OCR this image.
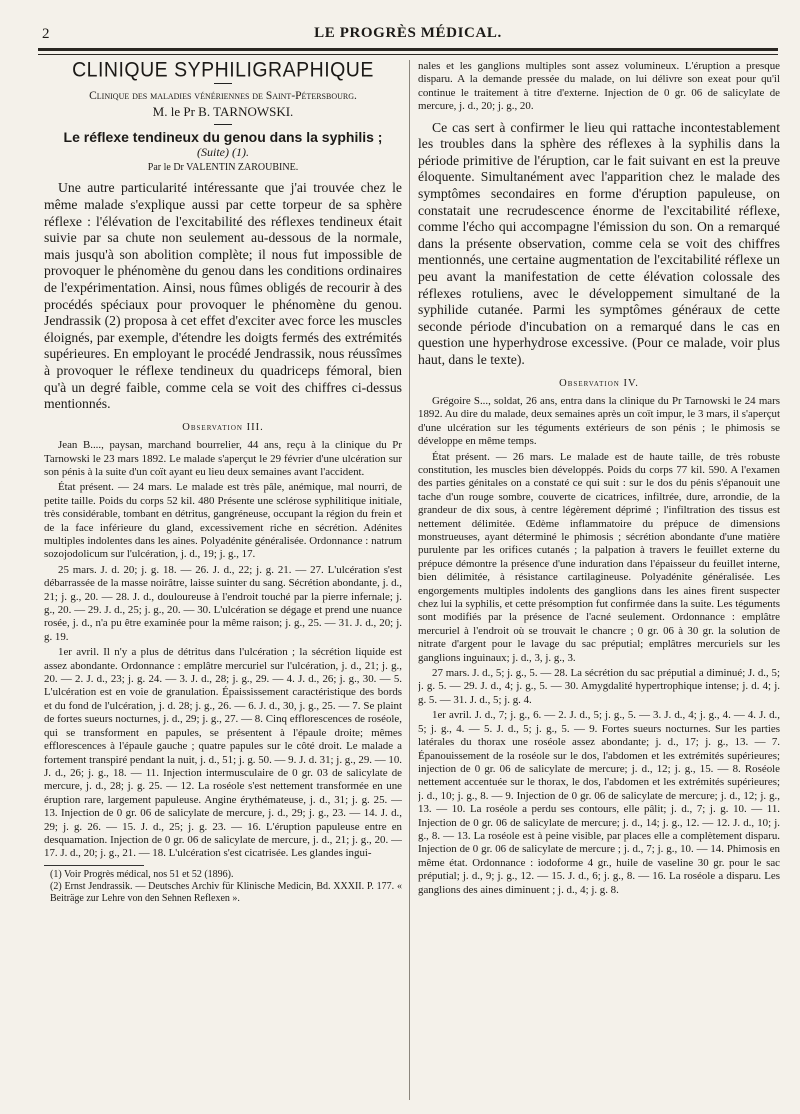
2	LE PROGRÈS MÉDICAL.
CLINIQUE SYPHILIGRAPHIQUE
Clinique des maladies vénériennes de Saint-Pétersbourg.
M. le Pr B. TARNOWSKI.
Le réflexe tendineux du genou dans la syphilis ;
(Suite) (1).
Par le Dr VALENTIN ZAROUBINE.

Une autre particularité intéressante que j'ai trouvée chez le même malade s'explique aussi par cette torpeur de sa sphère réflexe : l'élévation de l'excitabilité des réflexes tendineux était suivie par sa chute non seulement au-dessous de la normale, mais jusqu'à son abolition complète; il nous fut impossible de provoquer le phénomène du genou dans les conditions ordinaires de l'expérimentation. Ainsi, nous fûmes obligés de recourir à des procédés spéciaux pour provoquer le phénomène du genou. Jendrassik (2) proposa à cet effet d'exciter avec force les muscles éloignés, par exemple, d'étendre les doigts fermés des extrémités supérieures. En employant le procédé Jendrassik, nous réussîmes à provoquer le réflexe tendineux du quadriceps fémoral, bien qu'à un degré faible, comme cela se voit des chiffres ci-dessus mentionnés.

Observation III.

Jean B...., paysan, marchand bourrelier, 44 ans, reçu à la clinique du Pr Tarnowski le 23 mars 1892. Le malade s'aperçut le 29 février d'une ulcération sur son pénis à la suite d'un coït ayant eu lieu deux semaines avant l'accident.

État présent. — 24 mars. Le malade est très pâle, anémique, mal nourri, de petite taille. Poids du corps 52 kil. 480 Présente une sclérose syphilitique initiale, très considérable, tombant en détritus, gangréneuse, occupant la région du frein et de la face inférieure du gland, excessivement riche en sécrétion. Adénites multiples indolentes dans les aines. Polyadénite généralisée. Ordonnance : natrum sozojodolicum sur l'ulcération, j. d., 19; j. g., 17.

25 mars. J. d. 20; j. g. 18. — 26. J. d., 22; j. g. 21. — 27. L'ulcération s'est débarrassée de la masse noirâtre, laisse suinter du sang. Sécrétion abondante, j. d., 21; j. g., 20. — 28. J. d., douloureuse à l'endroit touché par la pierre infernale; j. g., 20. — 29. J. d., 25; j. g., 20. — 30. L'ulcération se dégage et prend une nuance rosée, j. d., n'a pu être examinée pour la même raison; j. g., 25. — 31. J. d., 20; j. g. 19.

1er avril. Il n'y a plus de détritus dans l'ulcération ; la sécrétion liquide est assez abondante. Ordonnance : emplâtre mercuriel sur l'ulcération, j. d., 21; j. g., 20. — 2. J. d., 23; j. g. 24. — 3. J. d., 28; j. g., 29. — 4. J. d., 26; j. g., 30. — 5. L'ulcération est en voie de granulation. Épaississement caractéristique des bords et du fond de l'ulcération, j. d. 28; j. g., 26. — 6. J. d., 30, j. g., 25. — 7. Se plaint de fortes sueurs nocturnes, j. d., 29; j. g., 27. — 8. Cinq efflorescences de roséole, qui se transforment en papules, se présentent à l'épaule droite; mêmes efflorescences à l'épaule gauche ; quatre papules sur le côté droit. Le malade a fortement transpiré pendant la nuit, j. d., 51; j. g. 50. — 9. J. d. 31; j. g., 29. — 10. J. d., 26; j. g., 18. — 11. Injection intermusculaire de 0 gr. 03 de salicylate de mercure, j. d., 28; j. g. 25. — 12. La roséole s'est nettement transformée en une éruption rare, largement papuleuse. Angine érythémateuse, j. d., 31; j. g. 25. — 13. Injection de 0 gr. 06 de salicylate de mercure, j. d., 29; j. g., 23. — 14. J. d., 29; j. g. 26. — 15. J. d., 25; j. g. 23. — 16. L'éruption papuleuse entre en desquamation. Injection de 0 gr. 06 de salicylate de mercure, j. d., 21; j. g., 20. — 17. J. d., 20; j. g., 21. — 18. L'ulcération s'est cicatrisée. Les glandes ingui-

(1) Voir Progrès médical, nos 51 et 52 (1896).

(2) Ernst Jendrassik. — Deutsches Archiv für Klinische Medicin, Bd. XXXII. P. 177. « Beiträge zur Lehre von den Sehnen Reflexen ».

nales et les ganglions multiples sont assez volumineux. L'éruption a presque disparu. A la demande pressée du malade, on lui délivre son exeat pour qu'il continue le traitement à titre d'externe. Injection de 0 gr. 06 de salicylate de mercure, j. d., 20; j. g., 20.

Ce cas sert à confirmer le lieu qui rattache incontestablement les troubles dans la sphère des réflexes à la syphilis dans la période primitive de l'éruption, car le fait suivant en est la preuve éloquente. Simultanément avec l'apparition chez le malade des symptômes secondaires en forme d'éruption papuleuse, on constatait une recrudescence énorme de l'excitabilité réflexe, comme l'écho qui accompagne l'émission du son. On a remarqué dans la présente observation, comme cela se voit des chiffres mentionnés, une certaine augmentation de l'excitabilité réflexe un peu avant la manifestation de cette élévation colossale des réflexes rotuliens, avec le développement simultané de la syphilide cutanée. Parmi les symptômes généraux de cette seconde période d'incubation on a remarqué dans le cas en question une hyperhydrose excessive. (Pour ce malade, voir plus haut, dans le texte).

Observation IV.

Grégoire S..., soldat, 26 ans, entra dans la clinique du Pr Tarnowski le 24 mars 1892. Au dire du malade, deux semaines après un coït impur, le 3 mars, il s'aperçut d'une ulcération sur les téguments extérieurs de son pénis ; le phimosis se développe en même temps.

État présent. — 26 mars. Le malade est de haute taille, de très robuste constitution, les muscles bien développés. Poids du corps 77 kil. 590. A l'examen des parties génitales on a constaté ce qui suit : sur le dos du pénis s'épanouit une tache d'un rouge sombre, couverte de cicatrices, infiltrée, dure, arrondie, de la grandeur de dix sous, à centre légèrement déprimé ; l'infiltration des tissus est nettement délimitée. Œdème inflammatoire du prépuce de dimensions monstrueuses, ayant déterminé le phimosis ; sécrétion abondante d'une matière purulente par les orifices cutanés ; la palpation à travers le feuillet externe du prépuce démontre la présence d'une induration dans l'épaisseur du feuillet interne, bien délimitée, à résistance cartilagineuse. Polyadénite généralisée. Les engorgements multiples indolents des ganglions dans les aines firent suspecter chez lui la syphilis, et cette présomption fut confirmée dans la suite. Les téguments sont modifiés par la présence de l'acné seulement. Ordonnance : emplâtre mercuriel à l'endroit où se trouvait le chancre ; 0 gr. 06 à 30 gr. la solution de nitrate d'argent pour le lavage du sac préputial; emplâtres mercuriels sur les ganglions inguinaux; j. d., 3, j. g., 3.

27 mars. J. d., 5; j. g., 5. — 28. La sécrétion du sac préputial a diminué; J. d., 5; j. g. 5. — 29. J. d., 4; j. g., 5. — 30. Amygdalité hypertrophique intense; j. d. 4; j. g. 5. — 31. J. d., 5; j. g. 4.

1er avril. J. d., 7; j. g., 6. — 2. J. d., 5; j. g., 5. — 3. J. d., 4; j. g., 4. — 4. J. d., 5; j. g., 4. — 5. J. d., 5; j. g., 5. — 9. Fortes sueurs nocturnes. Sur les parties latérales du thorax une roséole assez abondante; j. d., 17; j. g., 13. — 7. Épanouissement de la roséole sur le dos, l'abdomen et les extrémités supérieures; injection de 0 gr. 06 de salicylate de mercure; j. d., 12; j. g., 15. — 8. Roséole nettement accentuée sur le thorax, le dos, l'abdomen et les extrémités supérieures; j. d., 10; j. g., 8. — 9. Injection de 0 gr. 06 de salicylate de mercure; j. d., 12; j. g., 13. — 10. La roséole a perdu ses contours, elle pâlit; j. d., 7; j. g. 10. — 11. Injection de 0 gr. 06 de salicylate de mercure; j. d., 14; j. g., 12. — 12. J. d., 10; j. g., 8. — 13. La roséole est à peine visible, par places elle a complètement disparu. Injection de 0 gr. 06 de salicylate de mercure ; j. d., 7; j. g., 10. — 14. Phimosis en même état. Ordonnance : iodoforme 4 gr., huile de vaseline 30 gr. pour le sac préputial; j. d., 9; j. g., 12. — 15. J. d., 6; j. g., 8. — 16. La roséole a disparu. Les ganglions des aines diminuent ; j. d., 4; j. g. 8.
